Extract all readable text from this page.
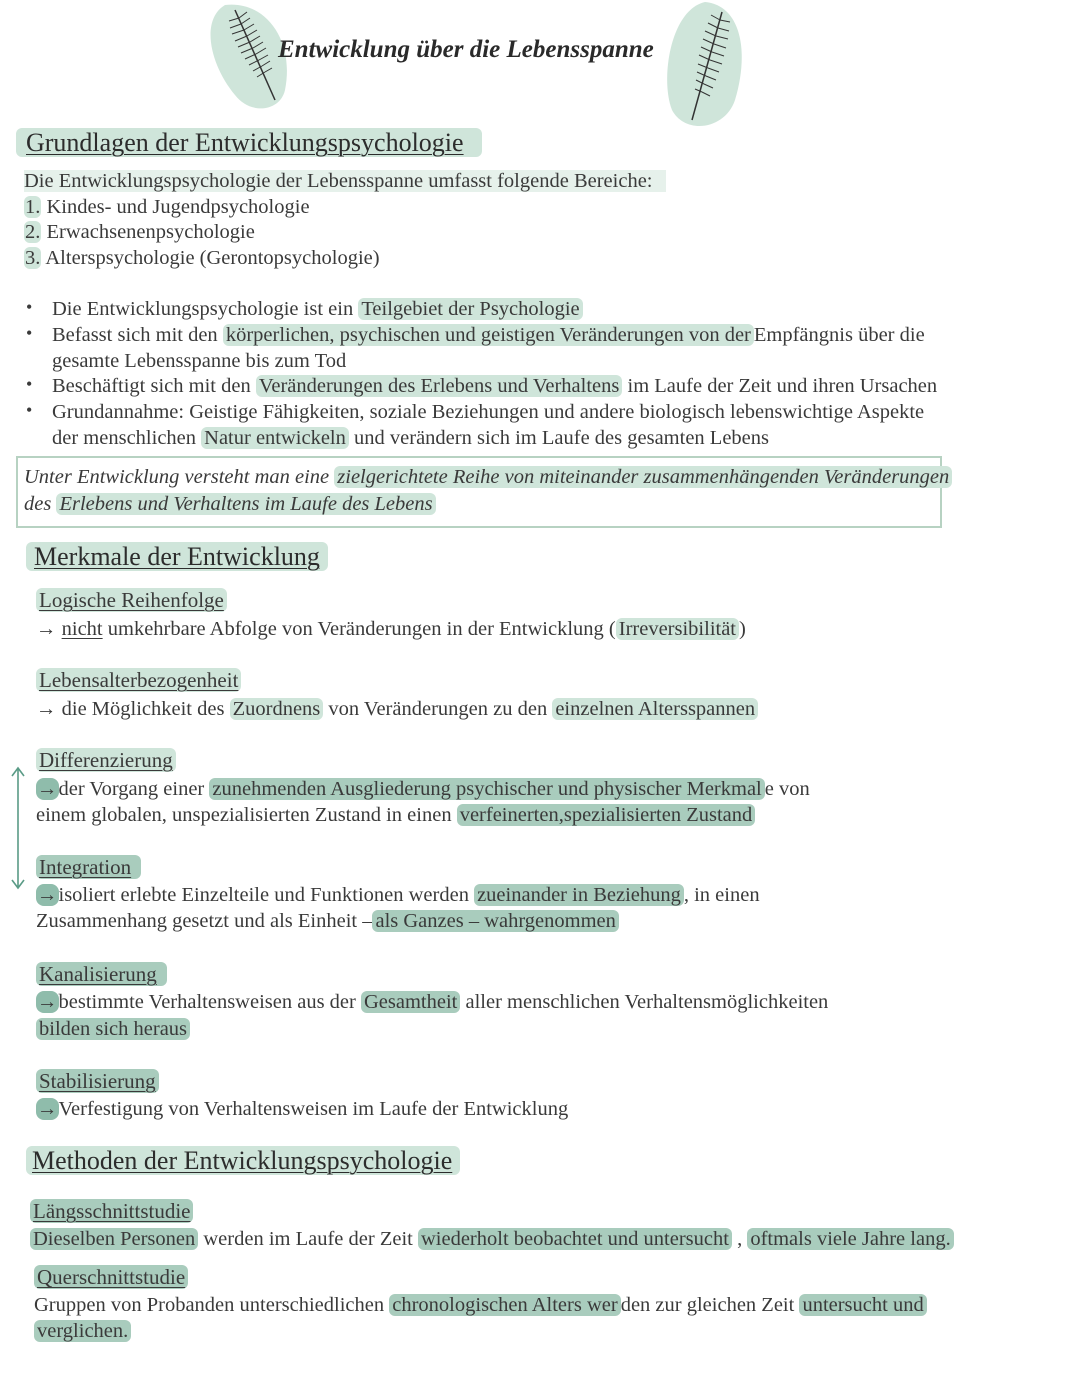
Entwicklung über die Lebensspanne
Grundlagen der Entwicklungspsychologie
Die Entwicklungspsychologie der Lebensspanne umfasst folgende Bereiche:
1. Kindes- und Jugendpsychologie
2. Erwachsenenpsychologie
3. Alterspsychologie (Gerontopsychologie)
• Die Entwicklungspsychologie ist ein Teilgebiet der Psychologie
• Befasst sich mit den körperlichen, psychischen und geistigen Veränderungen von der Empfängnis über die
gesamte Lebensspanne bis zum Tod
• Beschäftigt sich mit den Veränderungen des Erlebens und Verhaltens im Laufe der Zeit und ihren Ursachen
• Grundannahme: Geistige Fähigkeiten, soziale Beziehungen und andere biologisch lebenswichtige Aspekte
der menschlichen Natur entwickeln und verändern sich im Laufe des gesamten Lebens
Unter Entwicklung versteht man eine zielgerichtete Reihe von miteinander zusammenhängenden Veränderungen
des Erlebens und Verhaltens im Laufe des Lebens
Merkmale der Entwicklung
Logische Reihenfolge
→ nicht umkehrbare Abfolge von Veränderungen in der Entwicklung ( Irreversibilität )
Lebensalterbezogenheit
→ die Möglichkeit des Zuordnens von Veränderungen zu den einzelnen Altersspannen
Differenzierung
→der Vorgang einer zunehmenden Ausgliederung psychischer und physischer Merkmal e von
einem globalen, unspezialisierten Zustand in einen verfeinerten,spezialisierten Zustand
Integration
→isoliert erlebte Einzelteile und Funktionen werden zueinander in Beziehung , in einen
Zusammenhang gesetzt und als Einheit – als Ganzes – wahrgenommen
Kanalisierung
→bestimmte Verhaltensweisen aus der Gesamtheit aller menschlichen Verhaltensmöglichkeiten
bilden sich heraus
Stabilisierung
→Verfestigung von Verhaltensweisen im Laufe der Entwicklung
Methoden der Entwicklungspsychologie
Längsschnittstudie
Dieselben Personen werden im Laufe der Zeit wiederholt beobachtet und untersucht , oftmals viele Jahre lang.
Querschnittstudie
Gruppen von Probanden unterschiedlichen chronologischen Alters wer den zur gleichen Zeit untersucht und
verglichen.
